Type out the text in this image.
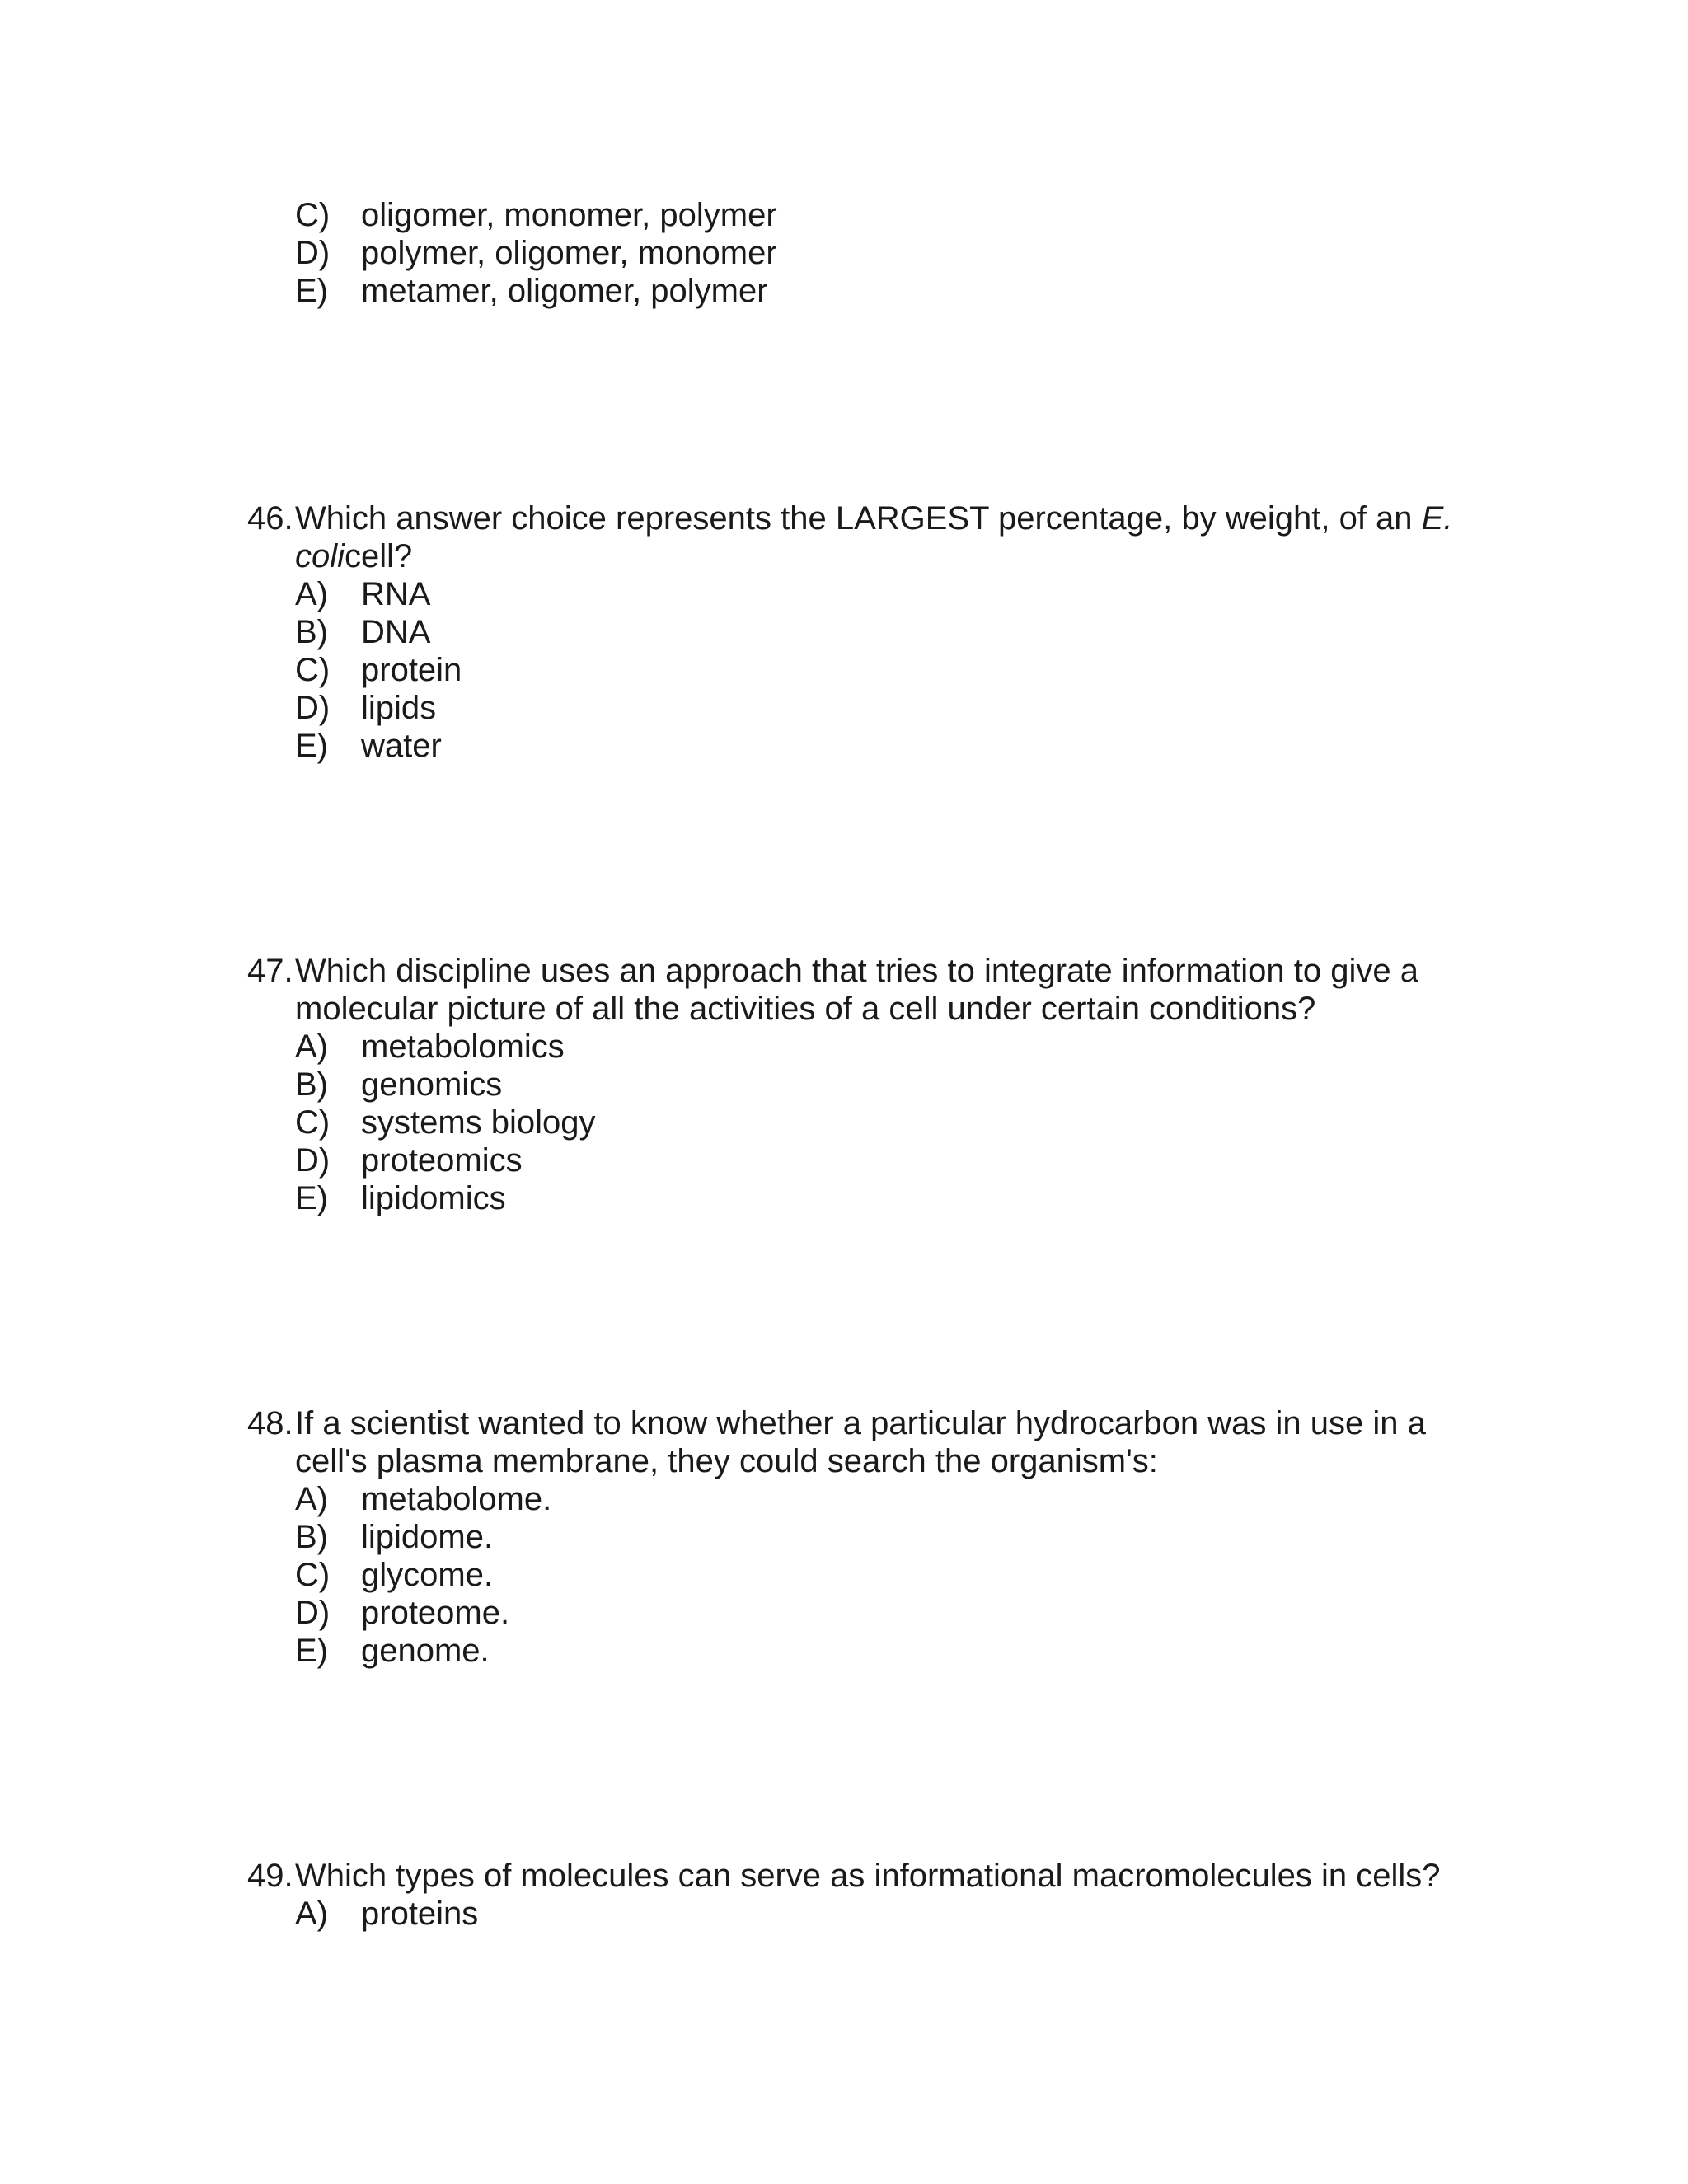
C) oligomer, monomer, polymer
D) polymer, oligomer, monomer
E)	metamer, oligomer, polymer
46. Which answer choice represents the LARGEST percentage, by weight, of an E. colicell?
A)	RNA
B)	DNA
C) protein
D) lipids
E)	water
47. Which discipline uses an approach that tries to integrate information to give a molecular picture of all the activities of a cell under certain conditions?
A)	metabolomics
B)	genomics
C) systems biology
D) proteomics
E)	lipidomics
48. If a scientist wanted to know whether a particular hydrocarbon was in use in a cell's plasma membrane, they could search the organism's:
A)	metabolome.
B)	lipidome.
C) glycome.
D) proteome.
E)	genome.
49. Which types of molecules can serve as informational macromolecules in cells?
A)	proteins
